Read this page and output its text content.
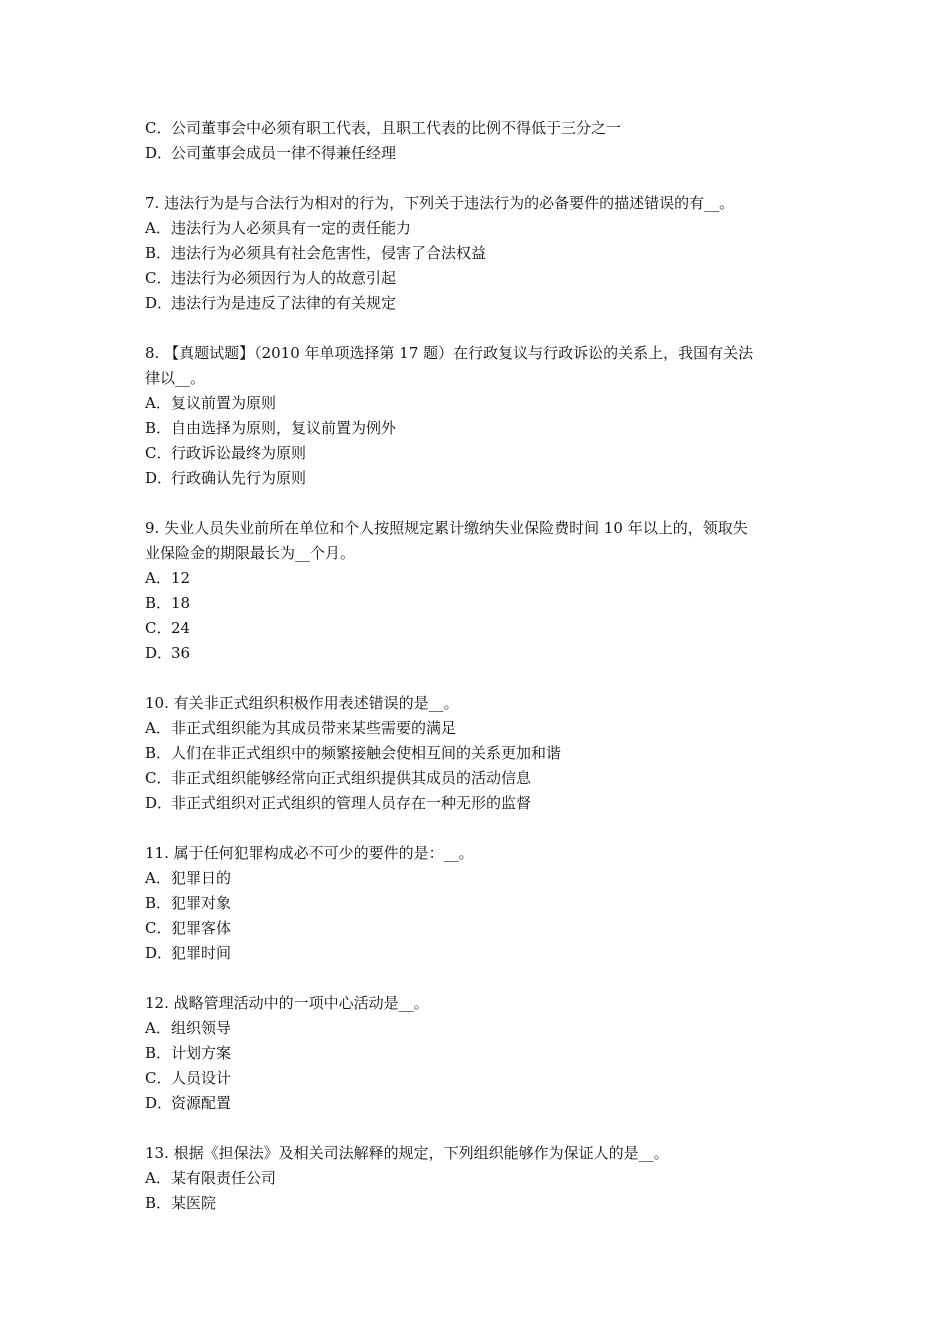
C．公司董事会中必须有职工代表，且职工代表的比例不得低于三分之一
D．公司董事会成员一律不得兼任经理
7. 违法行为是与合法行为相对的行为，下列关于违法行为的必备要件的描述错误的有__。
A．违法行为人必须具有一定的责任能力
B．违法行为必须具有社会危害性，侵害了合法权益
C．违法行为必须因行为人的故意引起
D．违法行为是违反了法律的有关规定
8. 【真题试题】（2010 年单项选择第 17 题）在行政复议与行政诉讼的关系上，我国有关法
律以__。
A．复议前置为原则
B．自由选择为原则，复议前置为例外
C．行政诉讼最终为原则
D．行政确认先行为原则
9. 失业人员失业前所在单位和个人按照规定累计缴纳失业保险费时间 10 年以上的，领取失
业保险金的期限最长为__个月。
A．12
B．18
C．24
D．36
10. 有关非正式组织积极作用表述错误的是__。
A．非正式组织能为其成员带来某些需要的满足
B．人们在非正式组织中的频繁接触会使相互间的关系更加和谐
C．非正式组织能够经常向正式组织提供其成员的活动信息
D．非正式组织对正式组织的管理人员存在一种无形的监督
11. 属于任何犯罪构成必不可少的要件的是：__。
A．犯罪日的
B．犯罪对象
C．犯罪客体
D．犯罪时间
12. 战略管理活动中的一项中心活动是__。
A．组织领导
B．计划方案
C．人员设计
D．资源配置
13. 根据《担保法》及相关司法解释的规定，下列组织能够作为保证人的是__。
A．某有限责任公司
B．某医院
